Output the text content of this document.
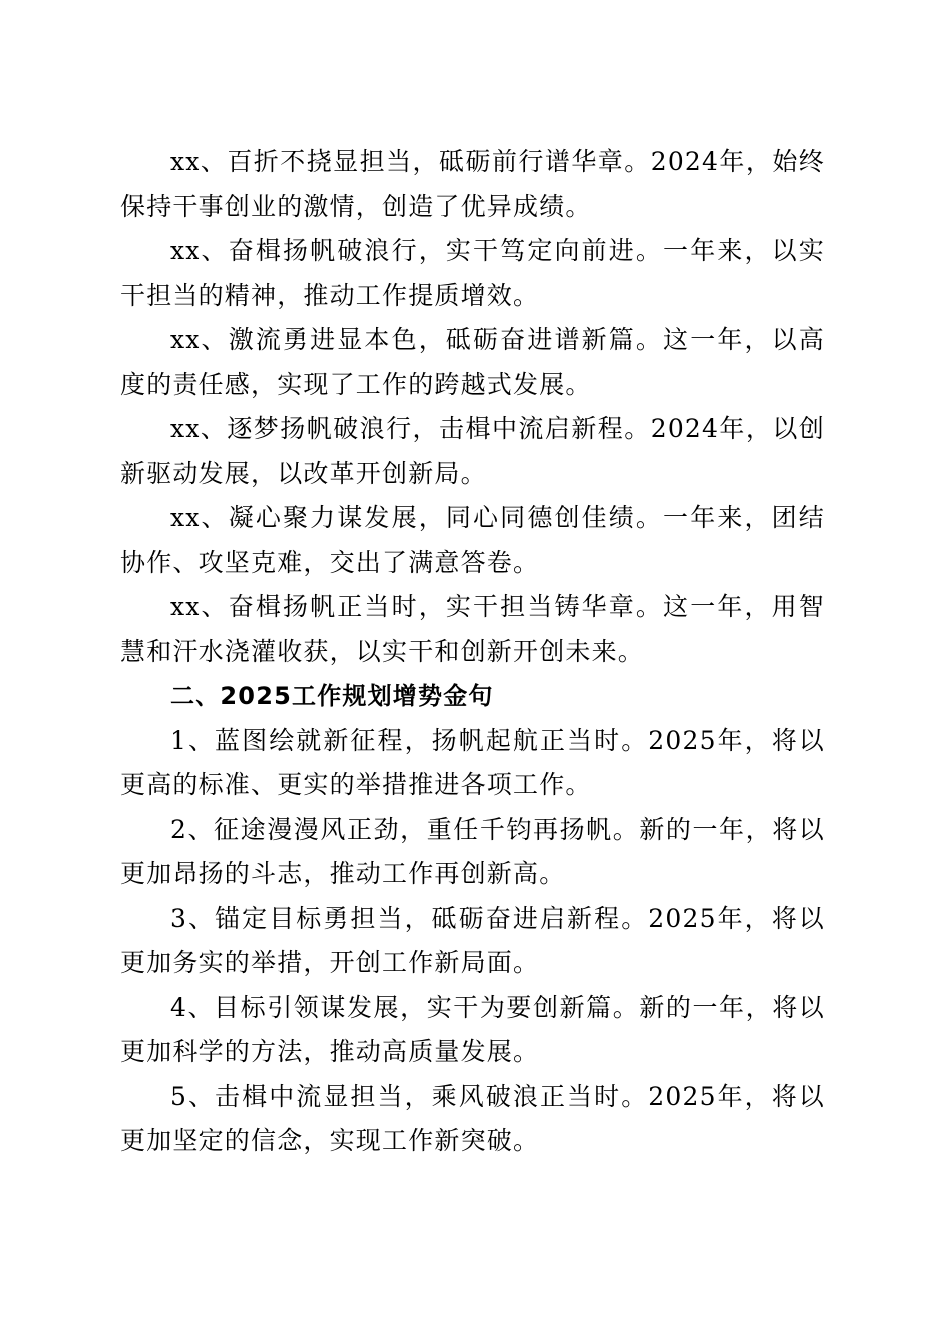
xx、百折不挠显担当，砥砺前行谱华章。2024年，始终保持干事创业的激情，创造了优异成绩。

xx、奋楫扬帆破浪行，实干笃定向前进。一年来，以实干担当的精神，推动工作提质增效。

xx、激流勇进显本色，砥砺奋进谱新篇。这一年，以高度的责任感，实现了工作的跨越式发展。

xx、逐梦扬帆破浪行，击楫中流启新程。2024年，以创新驱动发展，以改革开创新局。

xx、凝心聚力谋发展，同心同德创佳绩。一年来，团结协作、攻坚克难，交出了满意答卷。

xx、奋楫扬帆正当时，实干担当铸华章。这一年，用智慧和汗水浇灌收获，以实干和创新开创未来。

二、2025工作规划增势金句

1、蓝图绘就新征程，扬帆起航正当时。2025年，将以更高的标准、更实的举措推进各项工作。

2、征途漫漫风正劲，重任千钧再扬帆。新的一年，将以更加昂扬的斗志，推动工作再创新高。

3、锚定目标勇担当，砥砺奋进启新程。2025年，将以更加务实的举措，开创工作新局面。

4、目标引领谋发展，实干为要创新篇。新的一年，将以更加科学的方法，推动高质量发展。

5、击楫中流显担当，乘风破浪正当时。2025年，将以更加坚定的信念，实现工作新突破。
